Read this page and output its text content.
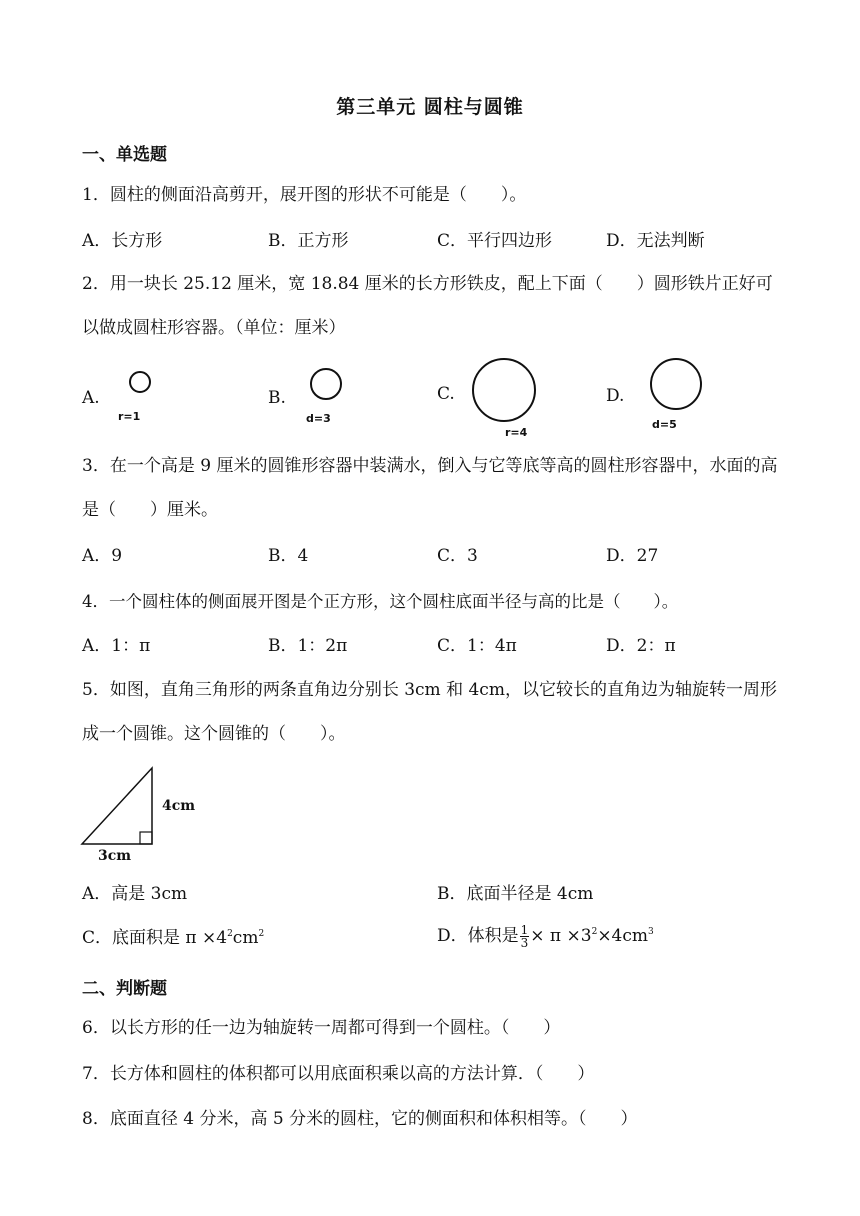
第三单元 圆柱与圆锥
一、单选题
1．圆柱的侧面沿高剪开，展开图的形状不可能是（　　）。
A．长方形	B．正方形	C．平行四边形	D．无法判断
2．用一块长 25.12 厘米，宽 18.84 厘米的长方形铁皮，配上下面（　　）圆形铁片正好可以做成圆柱形容器。（单位：厘米）
A.
r=1
B.
d=3
C.
r=4
D.
d=5
3．在一个高是 9 厘米的圆锥形容器中装满水，倒入与它等底等高的圆柱形容器中，水面的高是（　　）厘米。
A．9	B．4	C．3	D．27
4．一个圆柱体的侧面展开图是个正方形，这个圆柱底面半径与高的比是（　　）。
A．1：π	B．1：2π	C．1：4π	D．2：π
5．如图，直角三角形的两条直角边分别长 3cm 和 4cm，以它较长的直角边为轴旋转一周形成一个圆锥。这个圆锥的（　　）。
4cm
3cm
A．高是 3cm	B．底面半径是 4cm
C．底面积是 $\pi \times 4^2cm^2$	D．体积是 $\frac{1}{3} \times \pi \times 3^2\times 4cm^3$
二、判断题
6．以长方形的任一边为轴旋转一周都可得到一个圆柱。（　　）
7．长方体和圆柱的体积都可以用底面积乘以高的方法计算．（　　）
8．底面直径 4 分米，高 5 分米的圆柱，它的侧面积和体积相等。（　　）
